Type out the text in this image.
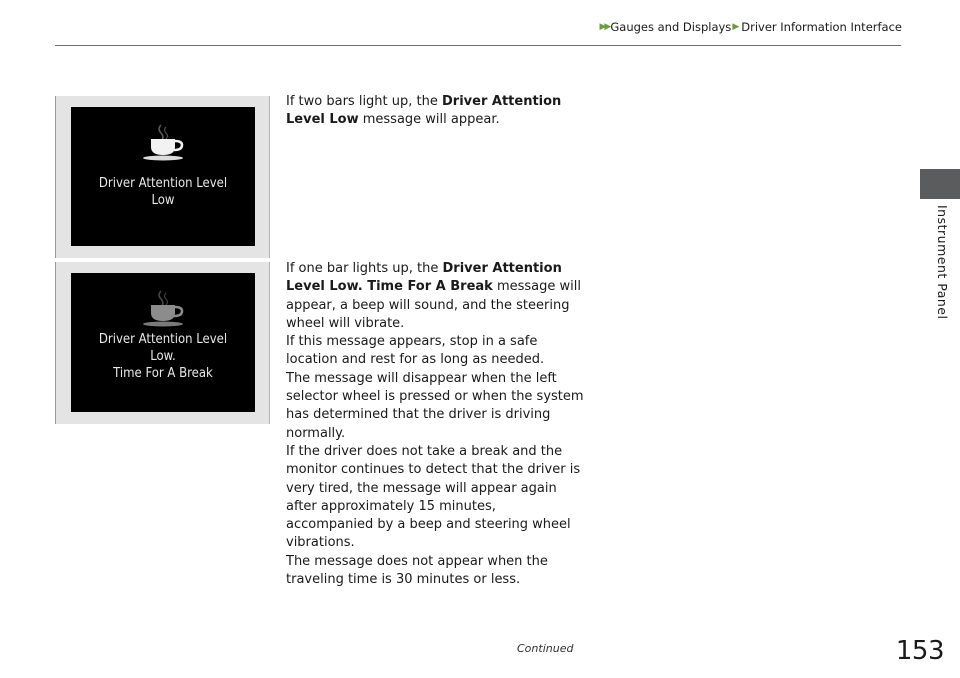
▶▶ Gauges and Displays ▶ Driver Information Interface
Instrument Panel
Driver Attention Level
Low
Driver Attention Level
Low.
Time For A Break

If two bars light up, the Driver Attention Level Low message will appear.

If one bar lights up, the Driver Attention Level Low. Time For A Break message will appear, a beep will sound, and the steering wheel will vibrate.

If this message appears, stop in a safe location and rest for as long as needed.

The message will disappear when the left selector wheel is pressed or when the system has determined that the driver is driving normally.

If the driver does not take a break and the monitor continues to detect that the driver is very tired, the message will appear again after approximately 15 minutes, accompanied by a beep and steering wheel vibrations.

The message does not appear when the traveling time is 30 minutes or less.

Continued	153
